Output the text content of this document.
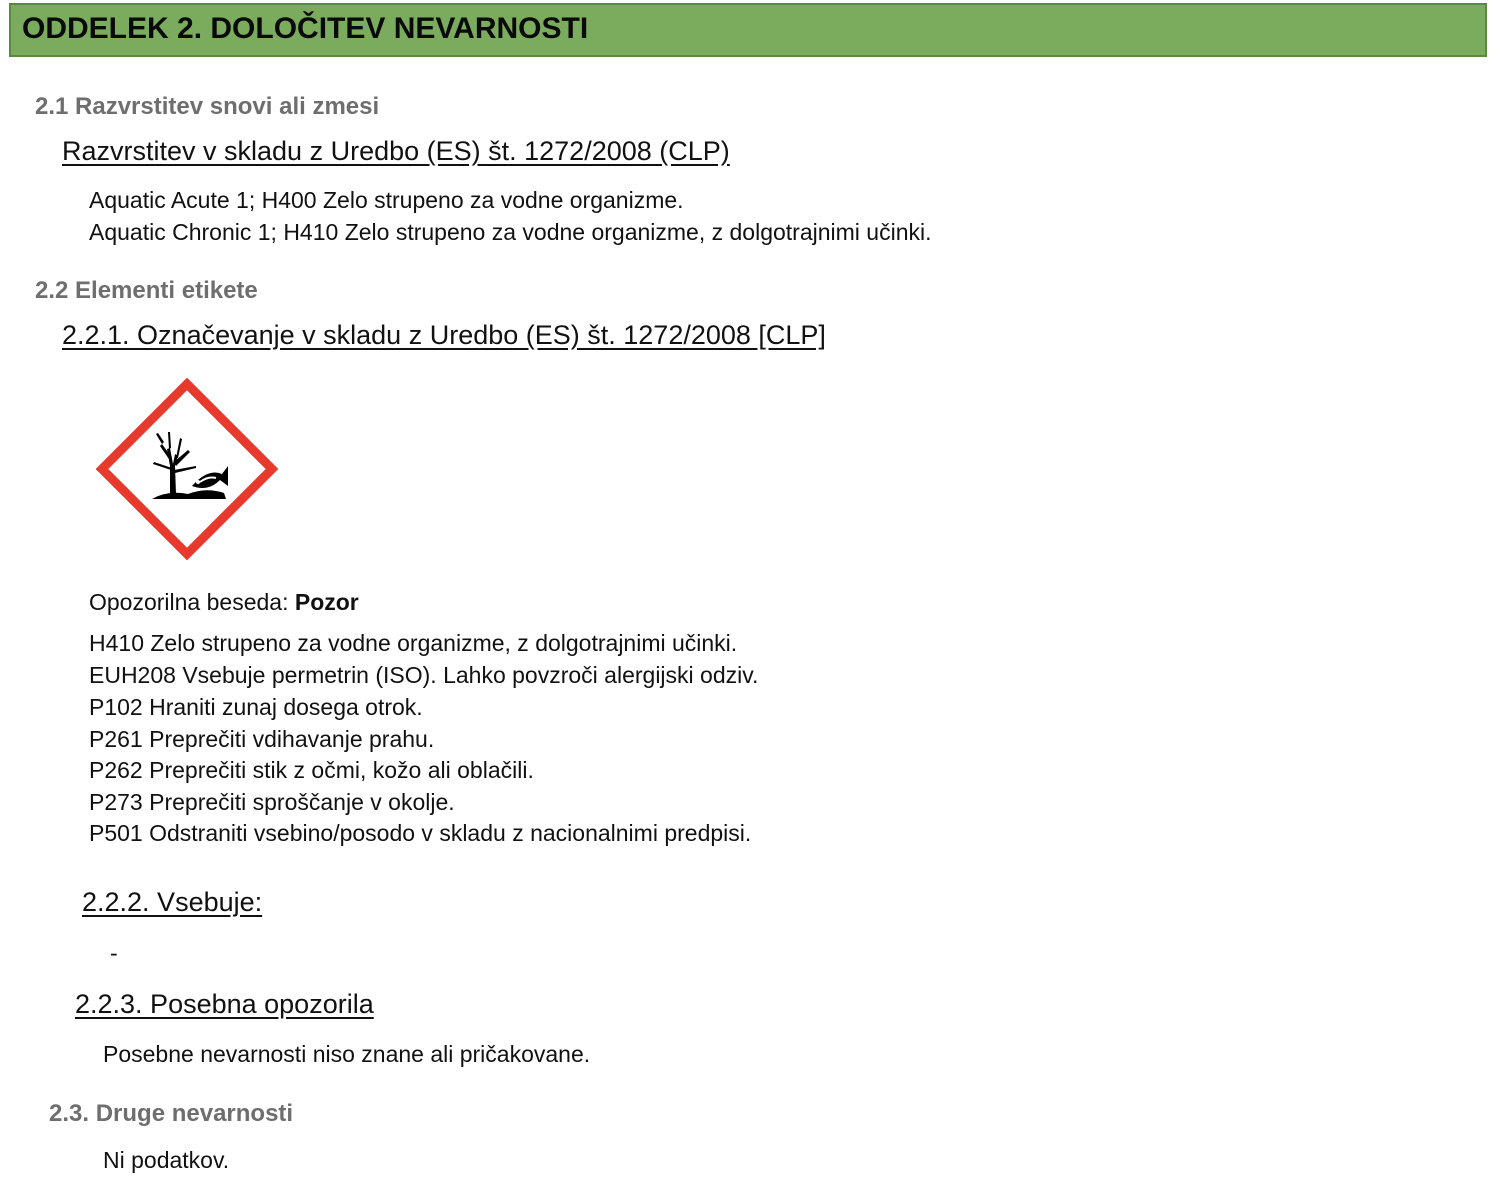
ODDELEK 2. DOLOČITEV NEVARNOSTI
2.1 Razvrstitev snovi ali zmesi
Razvrstitev v skladu z Uredbo (ES) št. 1272/2008 (CLP)
Aquatic Acute 1; H400 Zelo strupeno za vodne organizme.
Aquatic Chronic 1; H410 Zelo strupeno za vodne organizme, z dolgotrajnimi učinki.
2.2 Elementi etikete
2.2.1. Označevanje v skladu z Uredbo (ES) št. 1272/2008 [CLP]
Opozorilna beseda: Pozor
H410 Zelo strupeno za vodne organizme, z dolgotrajnimi učinki.
EUH208 Vsebuje permetrin (ISO). Lahko povzroči alergijski odziv.
P102 Hraniti zunaj dosega otrok.
P261 Preprečiti vdihavanje prahu.
P262 Preprečiti stik z očmi, kožo ali oblačili.
P273 Preprečiti sproščanje v okolje.
P501 Odstraniti vsebino/posodo v skladu z nacionalnimi predpisi.
2.2.2. Vsebuje:
-
2.2.3. Posebna opozorila
Posebne nevarnosti niso znane ali pričakovane.
2.3. Druge nevarnosti
Ni podatkov.
